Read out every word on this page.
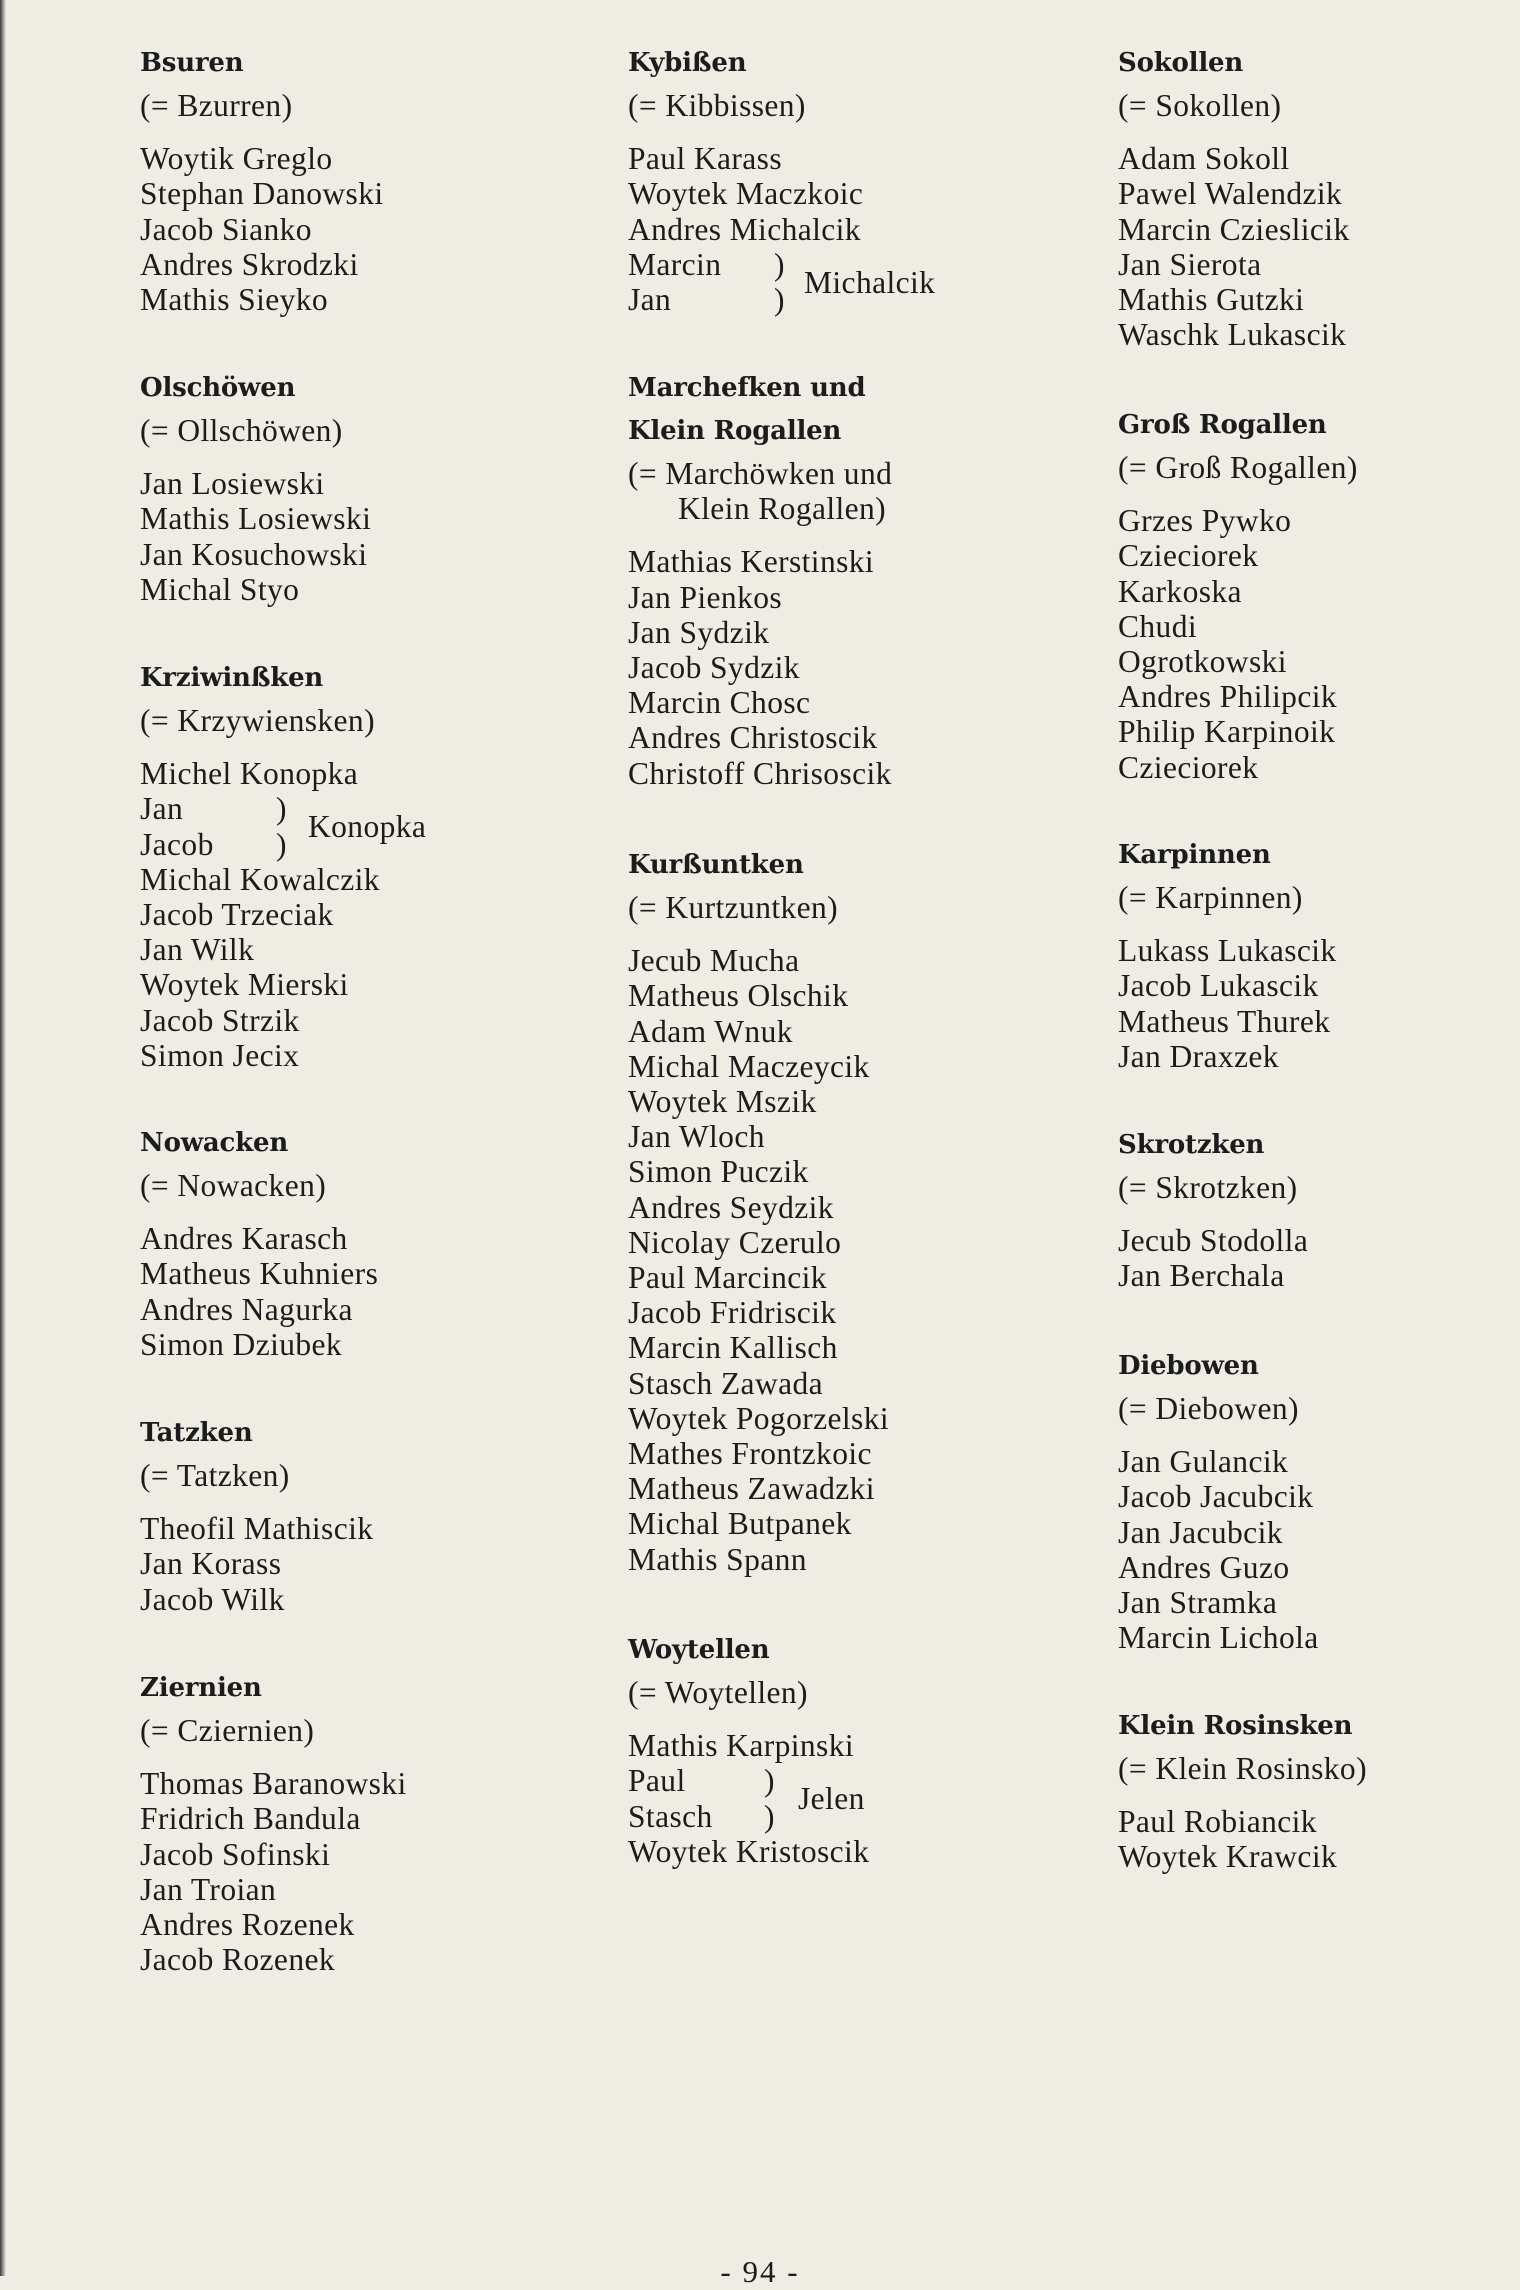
Bsuren
(= Bzurren)
Woytik Greglo
Stephan Danowski
Jacob Sianko
Andres Skrodzki
Mathis Sieyko
Olschöwen
(= Ollschöwen)
Jan Losiewski
Mathis Losiewski
Jan Kosuchowski
Michal Styo
Krziwinßken
(= Krzywiensken)
Michel Konopka
Jan
Jacob
)
) Konopka
Michal Kowalczik
Jacob Trzeciak
Jan Wilk
Woytek Mierski
Jacob Strzik
Simon Jecix
Nowacken
(= Nowacken)
Andres Karasch
Matheus Kuhniers
Andres Nagurka
Simon Dziubek
Tatzken
(= Tatzken)
Theofil Mathiscik
Jan Korass
Jacob Wilk
Ziernien
(= Cziernien)
Thomas Baranowski
Fridrich Bandula
Jacob Sofinski
Jan Troian
Andres Rozenek
Jacob Rozenek
Kybißen
(= Kibbissen)
Paul Karass
Woytek Maczkoic
Andres Michalcik
Marcin
Jan
)
) Michalcik
Marchefken und
Klein Rogallen
(= Marchöwken und
Klein Rogallen)
Mathias Kerstinski
Jan Pienkos
Jan Sydzik
Jacob Sydzik
Marcin Chosc
Andres Christoscik
Christoff Chrisoscik
Kurßuntken
(= Kurtzuntken)
Jecub Mucha
Matheus Olschik
Adam Wnuk
Michal Maczeycik
Woytek Mszik
Jan Wloch
Simon Puczik
Andres Seydzik
Nicolay Czerulo
Paul Marcincik
Jacob Fridriscik
Marcin Kallisch
Stasch Zawada
Woytek Pogorzelski
Mathes Frontzkoic
Matheus Zawadzki
Michal Butpanek
Mathis Spann
Woytellen
(= Woytellen)
Mathis Karpinski
Paul
Stasch
)
) Jelen
Woytek Kristoscik
Sokollen
(= Sokollen)
Adam Sokoll
Pawel Walendzik
Marcin Czieslicik
Jan Sierota
Mathis Gutzki
Waschk Lukascik
Groß Rogallen
(= Groß Rogallen)
Grzes Pywko
Czieciorek
Karkoska
Chudi
Ogrotkowski
Andres Philipcik
Philip Karpinoik
Czieciorek
Karpinnen
(= Karpinnen)
Lukass Lukascik
Jacob Lukascik
Matheus Thurek
Jan Draxzek
Skrotzken
(= Skrotzken)
Jecub Stodolla
Jan Berchala
Diebowen
(= Diebowen)
Jan Gulancik
Jacob Jacubcik
Jan Jacubcik
Andres Guzo
Jan Stramka
Marcin Lichola
Klein Rosinsken
(= Klein Rosinsko)
Paul Robiancik
Woytek Krawcik
- 94 -
